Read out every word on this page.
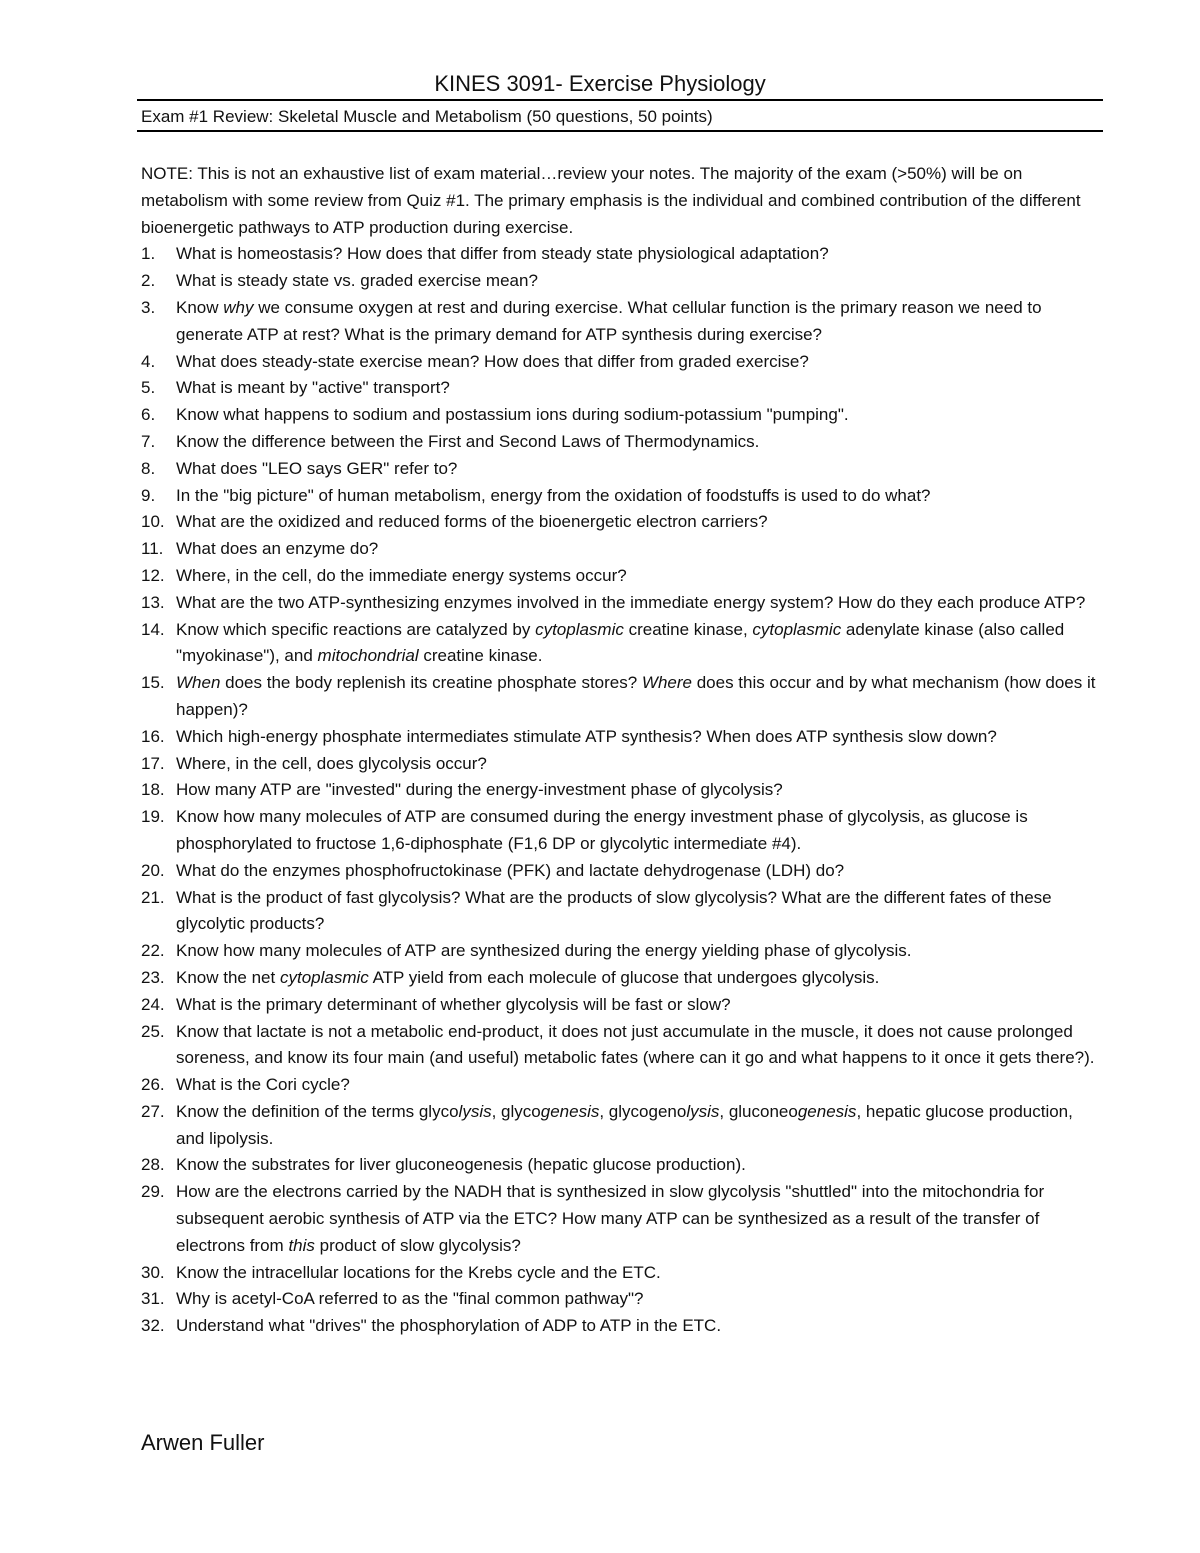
KINES 3091- Exercise Physiology
Exam #1 Review: Skeletal Muscle and Metabolism (50 questions, 50 points)

NOTE: This is not an exhaustive list of exam material…review your notes. The majority of the exam (>50%) will be on metabolism with some review from Quiz #1. The primary emphasis is the individual and combined contribution of the different bioenergetic pathways to ATP production during exercise.

1. What is homeostasis? How does that differ from steady state physiological adaptation?
2. What is steady state vs. graded exercise mean?
3. Know why we consume oxygen at rest and during exercise. What cellular function is the primary reason we need to generate ATP at rest? What is the primary demand for ATP synthesis during exercise?
4. What does steady-state exercise mean? How does that differ from graded exercise?
5. What is meant by "active" transport?
6. Know what happens to sodium and postassium ions during sodium-potassium "pumping".
7. Know the difference between the First and Second Laws of Thermodynamics.
8. What does "LEO says GER" refer to?
9. In the "big picture" of human metabolism, energy from the oxidation of foodstuffs is used to do what?
10. What are the oxidized and reduced forms of the bioenergetic electron carriers?
11. What does an enzyme do?
12. Where, in the cell, do the immediate energy systems occur?
13. What are the two ATP-synthesizing enzymes involved in the immediate energy system? How do they each produce ATP?
14. Know which specific reactions are catalyzed by cytoplasmic creatine kinase, cytoplasmic adenylate kinase (also called "myokinase"), and mitochondrial creatine kinase.
15. When does the body replenish its creatine phosphate stores? Where does this occur and by what mechanism (how does it happen)?
16. Which high-energy phosphate intermediates stimulate ATP synthesis? When does ATP synthesis slow down?
17. Where, in the cell, does glycolysis occur?
18. How many ATP are "invested" during the energy-investment phase of glycolysis?
19. Know how many molecules of ATP are consumed during the energy investment phase of glycolysis, as glucose is phosphorylated to fructose 1,6-diphosphate (F1,6 DP or glycolytic intermediate #4).
20. What do the enzymes phosphofructokinase (PFK) and lactate dehydrogenase (LDH) do?
21. What is the product of fast glycolysis? What are the products of slow glycolysis? What are the different fates of these glycolytic products?
22. Know how many molecules of ATP are synthesized during the energy yielding phase of glycolysis.
23. Know the net cytoplasmic ATP yield from each molecule of glucose that undergoes glycolysis.
24. What is the primary determinant of whether glycolysis will be fast or slow?
25. Know that lactate is not a metabolic end-product, it does not just accumulate in the muscle, it does not cause prolonged soreness, and know its four main (and useful) metabolic fates (where can it go and what happens to it once it gets there?).
26. What is the Cori cycle?
27. Know the definition of the terms glycolysis, glycogenesis, glycogenolysis, gluconeogenesis, hepatic glucose production, and lipolysis.
28. Know the substrates for liver gluconeogenesis (hepatic glucose production).
29. How are the electrons carried by the NADH that is synthesized in slow glycolysis "shuttled" into the mitochondria for subsequent aerobic synthesis of ATP via the ETC? How many ATP can be synthesized as a result of the transfer of electrons from this product of slow glycolysis?
30. Know the intracellular locations for the Krebs cycle and the ETC.
31. Why is acetyl-CoA referred to as the "final common pathway"?
32. Understand what "drives" the phosphorylation of ADP to ATP in the ETC.
Arwen Fuller
